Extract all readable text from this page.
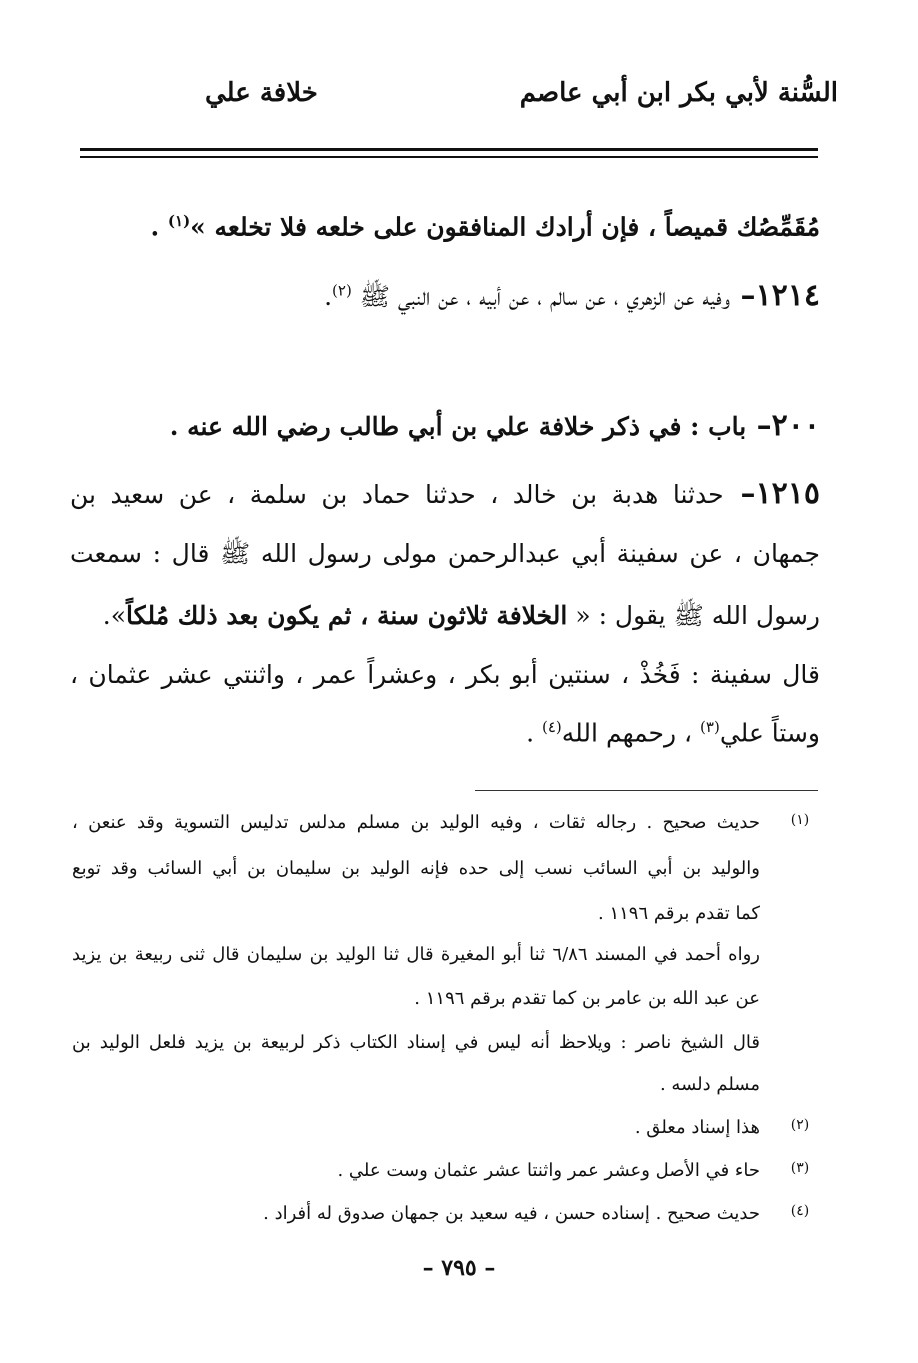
السُّنة لأبي بكر ابن أبي عاصم
خلافة علي
مُقَمِّصُك قميصاً ، فإن أرادك المنافقون على خلعه فلا تخلعه »$^{(١)}$ .
١٢١٤– وفيه عن الزهري ، عن سالم ، عن أبيه ، عن النبي ﷺ $^{(٢)}$.
٢٠٠– باب : في ذكر خلافة علي بن أبي طالب رضي الله عنه .
١٢١٥– حدثنا هدبة بن خالد ، حدثنا حماد بن سلمة ، عن سعيد بن
جمهان ، عن سفينة أبي عبدالرحمن مولى رسول الله ﷺ قال : سمعت
رسول الله ﷺ يقول : « الخلافة ثلاثون سنة ، ثم يكون بعد ذلك مُلكاً».
قال سفينة : فَخُذْ ، سنتين أبو بكر ، وعشراً عمر ، واثنتي عشر عثمان ،
وستاً علي$^{(٣)}$ ، رحمهم الله$^{(٤)}$ .
(١)
حديث صحيح . رجاله ثقات ، وفيه الوليد بن مسلم مدلس تدليس التسوية وقد عنعن ،
والوليد بن أبي السائب نسب إلى حده فإنه الوليد بن سليمان بن أبي السائب وقد توبع
كما تقدم برقم ١١٩٦ .
رواه أحمد في المسند ٦/٨٦ ثنا أبو المغيرة قال ثنا الوليد بن سليمان قال ثنى ربيعة بن يزيد
عن عبد الله بن عامر بن كما تقدم برقم ١١٩٦ .
قال الشيخ ناصر : ويلاحظ أنه ليس في إسناد الكتاب ذكر لربيعة بن يزيد فلعل الوليد بن
مسلم دلسه .
(٢)
هذا إسناد معلق .
(٣)
حاء في الأصل وعشر عمر واثنتا عشر عثمان وست علي .
(٤)
حديث صحيح . إسناده حسن ، فيه سعيد بن جمهان صدوق له أفراد .
– ٧٩٥ –
